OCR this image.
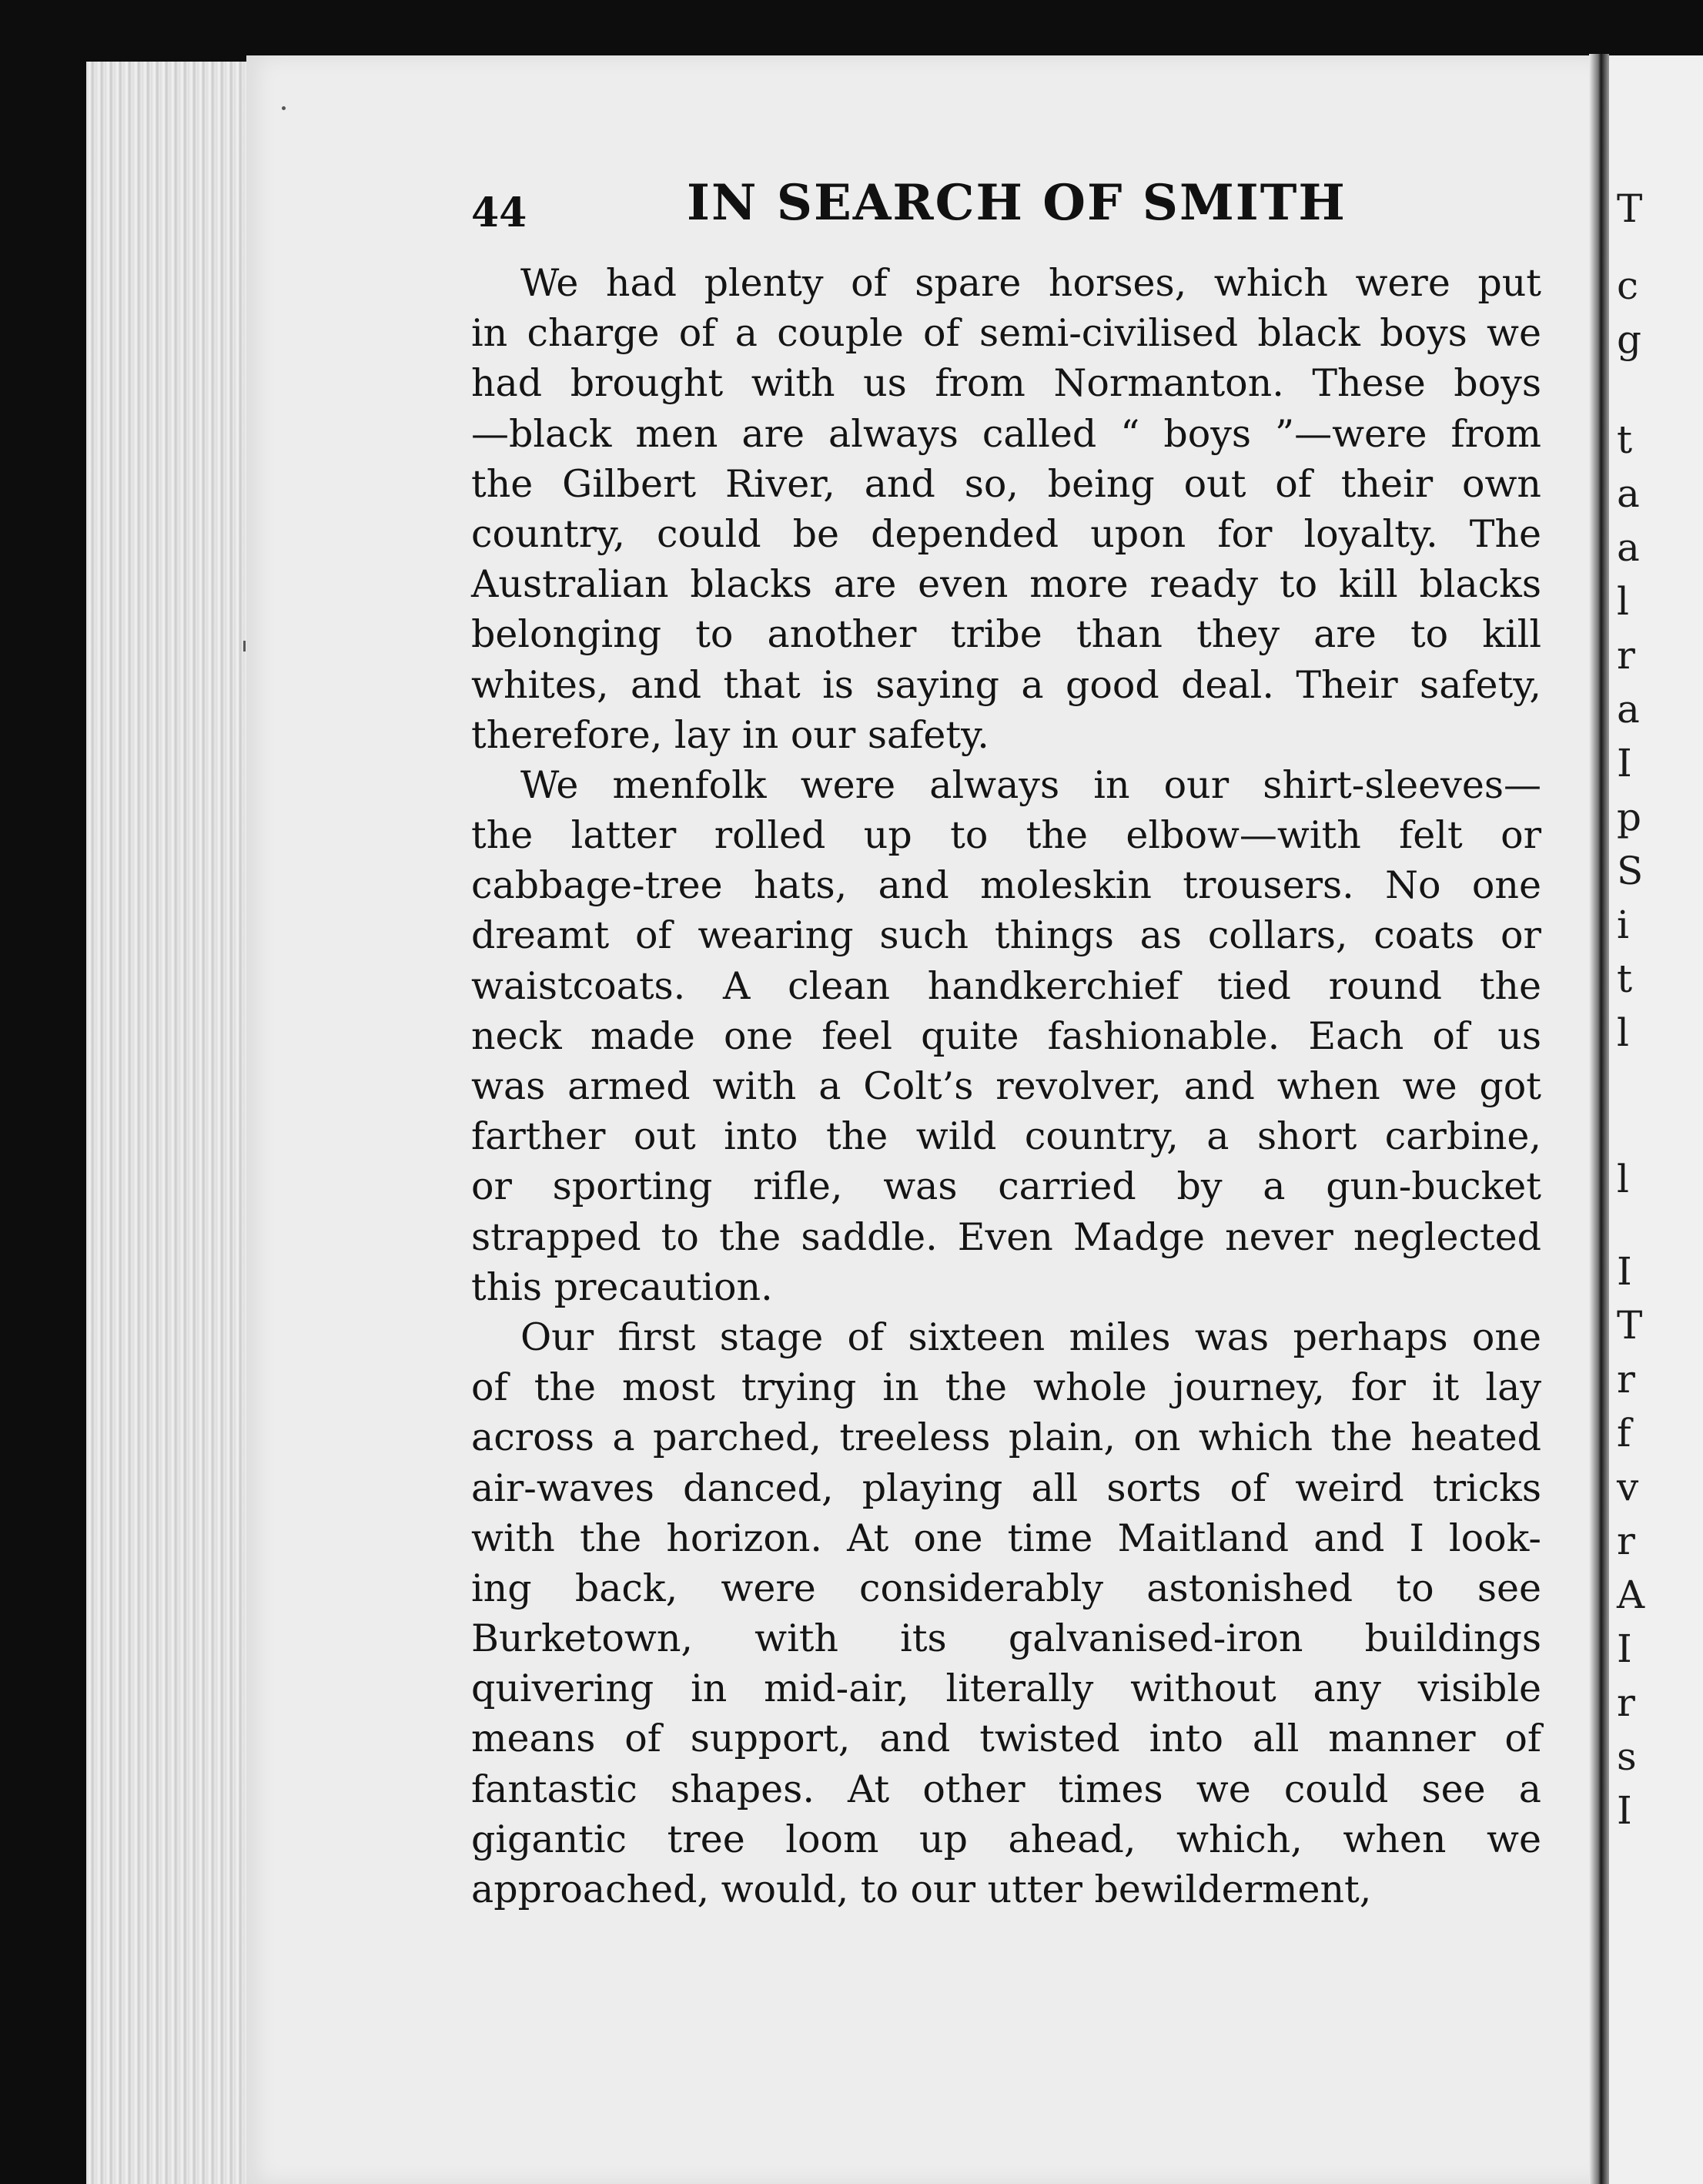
T
c
g
t
a
a
l
r
a
I
p
S
i
t
l
l
I
T
r
f
v
r
A
I
r
s
I
44	IN SEARCH OF SMITH
We had plenty of spare horses, which were put
in charge of a couple of semi-civilised black boys we
had brought with us from Normanton. These boys
—black men are always called “ boys ”—were from
the Gilbert River, and so, being out of their own
country, could be depended upon for loyalty. The
Australian blacks are even more ready to kill blacks
belonging to another tribe than they are to kill
whites, and that is saying a good deal. Their safety,
therefore, lay in our safety.
We menfolk were always in our shirt-sleeves—
the latter rolled up to the elbow—with felt or
cabbage-tree hats, and moleskin trousers. No one
dreamt of wearing such things as collars, coats or
waistcoats. A clean handkerchief tied round the
neck made one feel quite fashionable. Each of us
was armed with a Colt’s revolver, and when we got
farther out into the wild country, a short carbine,
or sporting rifle, was carried by a gun-bucket
strapped to the saddle. Even Madge never neglected
this precaution.
Our first stage of sixteen miles was perhaps one
of the most trying in the whole journey, for it lay
across a parched, treeless plain, on which the heated
air-waves danced, playing all sorts of weird tricks
with the horizon. At one time Maitland and I look-
ing back, were considerably astonished to see
Burketown, with its galvanised-iron buildings
quivering in mid-air, literally without any visible
means of support, and twisted into all manner of
fantastic shapes. At other times we could see a
gigantic tree loom up ahead, which, when we
approached, would, to our utter bewilderment,
